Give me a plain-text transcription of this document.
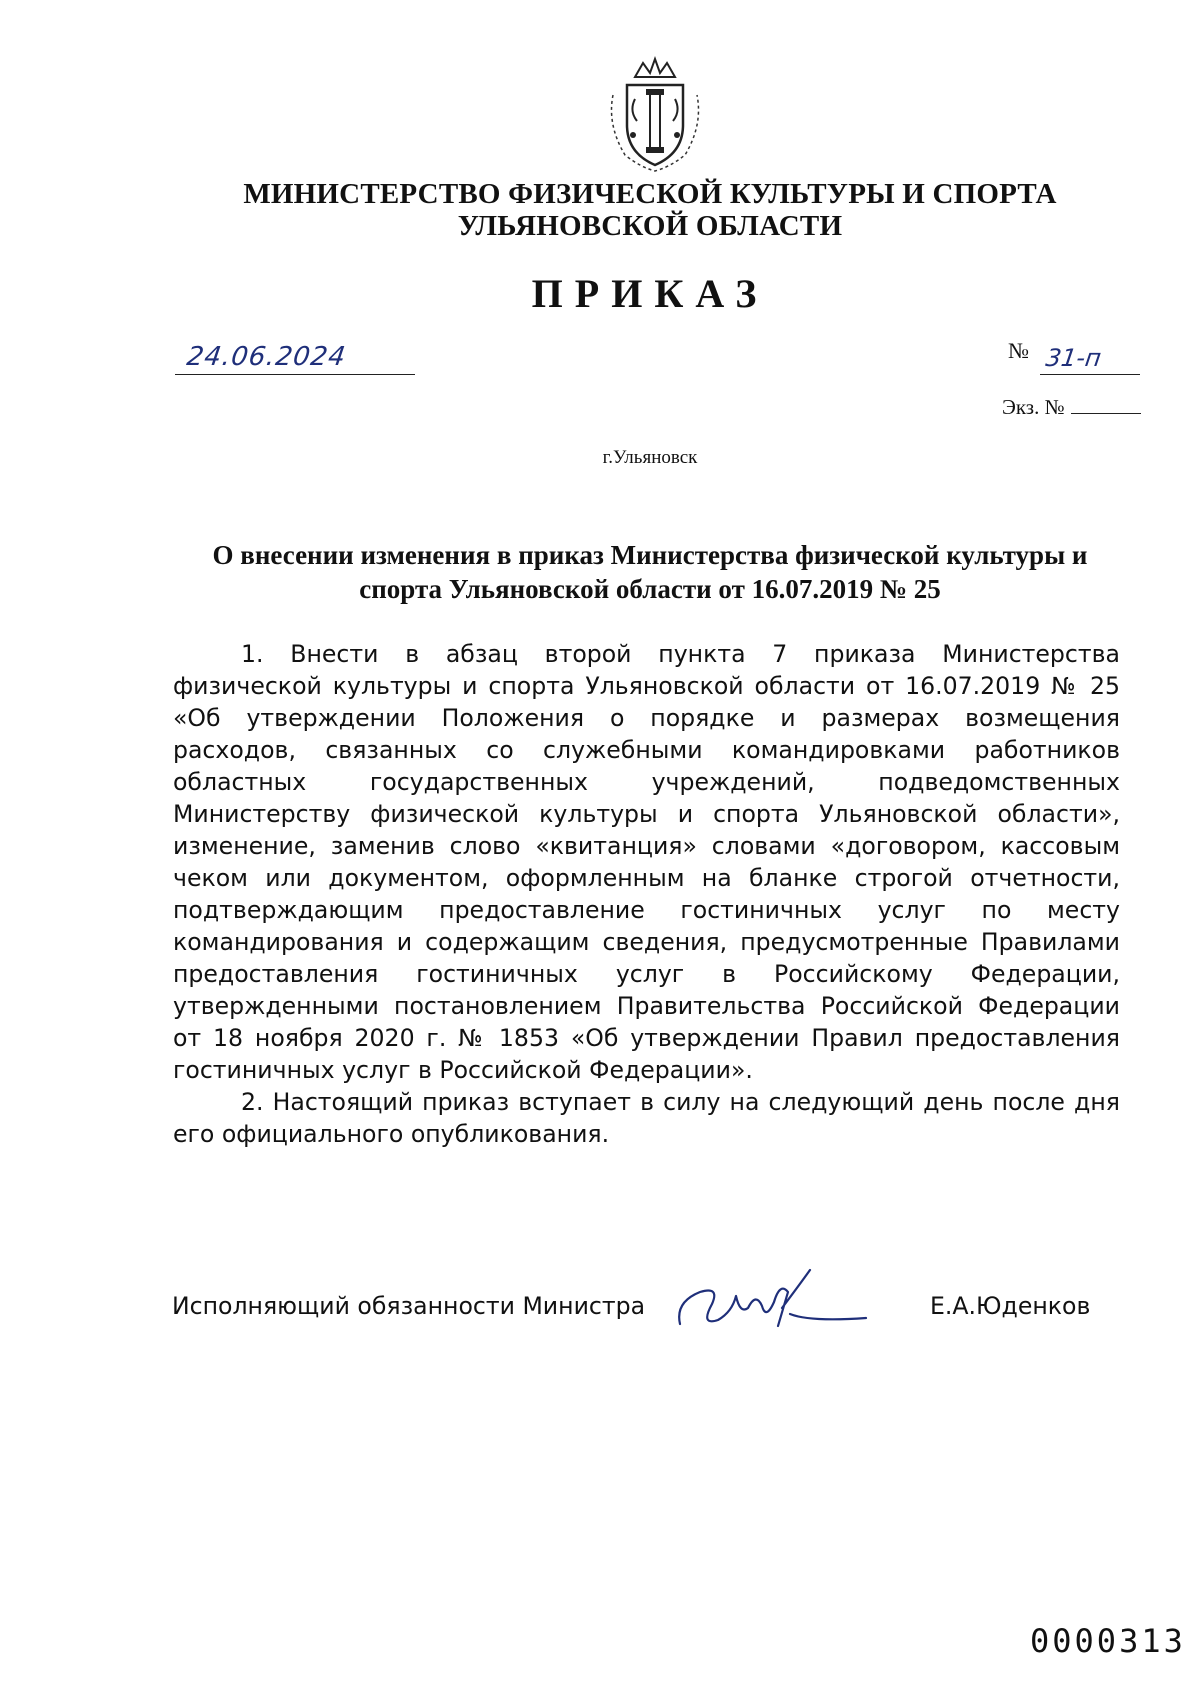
МИНИСТЕРСТВО ФИЗИЧЕСКОЙ КУЛЬТУРЫ И СПОРТА
УЛЬЯНОВСКОЙ ОБЛАСТИ
ПРИКАЗ
24.06.2024	№ 31-п
Экз. №
г.Ульяновск
О внесении изменения в приказ Министерства физической культуры и спорта Ульяновской области от 16.07.2019 № 25

1. Внести в абзац второй пункта 7 приказа Министерства физической культуры и спорта Ульяновской области от 16.07.2019 № 25 «Об утверждении Положения о порядке и размерах возмещения расходов, связанных со служебными командировками работников областных государственных учреждений, подведомственных Министерству физической культуры и спорта Ульяновской области», изменение, заменив слово «квитанция» словами «договором, кассовым чеком или документом, оформленным на бланке строгой отчетности, подтверждающим предоставление гостиничных услуг по месту командирования и содержащим сведения, предусмотренные Правилами предоставления гостиничных услуг в Российскому Федерации, утвержденными постановлением Правительства Российской Федерации от 18 ноября 2020 г. № 1853 «Об утверждении Правил предоставления гостиничных услуг в Российской Федерации».

2. Настоящий приказ вступает в силу на следующий день после дня его официального опубликования.

Исполняющий обязанности Министра	Е.А.Юденков
0000313
